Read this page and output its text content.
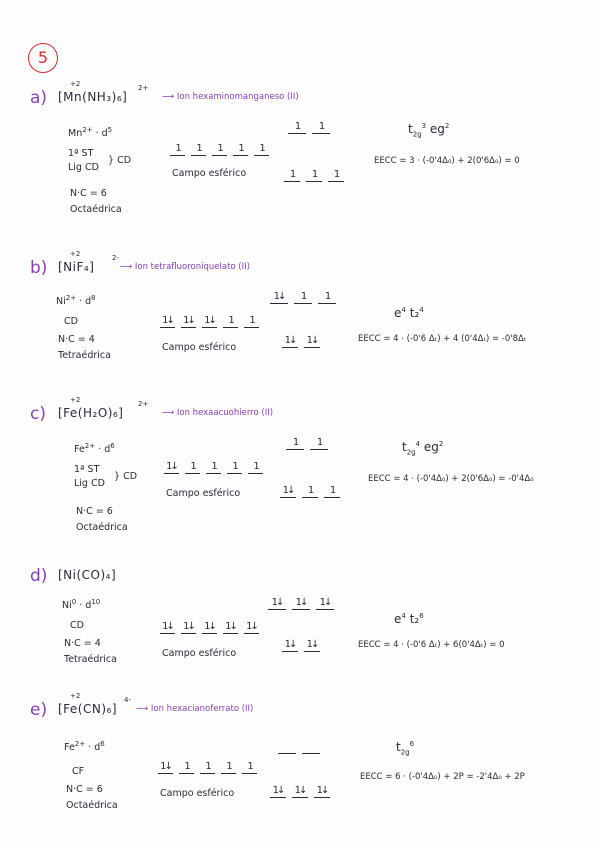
5
a)
+2
[Mn(NH₃)₆]
2+
⟶ Ion hexaminomanganeso (II)
$Mn^{2+} \cdot d^5$
1ª ST
Lig CD
} CD
N·C = 6
Octaédrica
1	1	1	1	1
Campo esférico
1	1
1	1	1
$t_{2g}^3$ $eg^2$
EECC = 3 · (-0'4Δ₀) + 2(0'6Δ₀) = 0
b)
+2
[NiF₄]
2-
⟶ Ion tetrafluoroniquelato (II)
$Ni^{2+} \cdot d^8$
CD
N·C = 4
Tetraédrica
1↓ 1↓ 1↓	1	1
Campo esférico
1↓	1	1
1↓ 1↓
$e^4$ t₂$^4$
EECC = 4 · (-0'6 Δₜ) + 4 (0'4Δₜ) = -0'8Δₜ
c)
+2
[Fe(H₂O)₆]
2+
⟶ Ion hexaacuohierro (II)
$Fe^{2+} \cdot d^6$
1ª ST
Lig CD
} CD
N·C = 6
Octaédrica
1↓	1	1	1	1
Campo esférico
1	1
1↓	1	1
$t_{2g}^4$ $eg^2$
EECC = 4 · (-0'4Δ₀) + 2(0'6Δ₀) = -0'4Δ₀
d) [Ni(CO)₄]
$Ni^0 \cdot d^{10}$
CD
N·C = 4
Tetraédrica
1↓ 1↓ 1↓ 1↓ 1↓
Campo esférico
1↓	1↓	1↓
1↓ 1↓
$e^4$ t₂$^6$
EECC = 4 · (-0'6 Δₜ) + 6(0'4Δₜ) = 0
e)
+2
[Fe(CN)₆]
4-
⟶ Ion hexacianoferrato (II)
$Fe^{2+} \cdot d^6$
CF
N·C = 6
Octaédrica
1↓	1	1	1	1
Campo esférico	1↓ 1↓ 1↓
$t_{2g}^6$
EECC = 6 · (-0'4Δ₀) + 2P = -2'4Δ₀ + 2P
